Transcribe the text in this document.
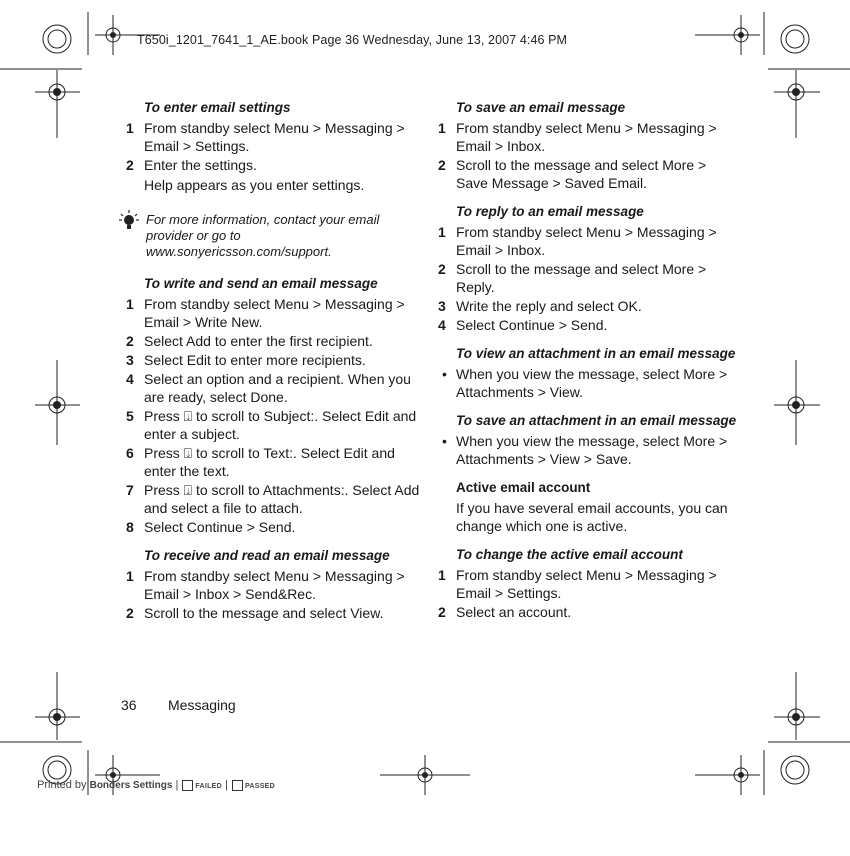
T650i_1201_7641_1_AE.book Page 36 Wednesday, June 13, 2007 4:46 PM
To enter email settings
1 From standby select Menu > Messaging > Email > Settings.
2 Enter the settings.
Help appears as you enter settings.
For more information, contact your email provider or go to www.sonyericsson.com/support.
To write and send an email message
1 From standby select Menu > Messaging > Email > Write New.
2 Select Add to enter the first recipient.
3 Select Edit to enter more recipients.
4 Select an option and a recipient. When you are ready, select Done.
5 Press ⍗ to scroll to Subject:. Select Edit and enter a subject.
6 Press ⍗ to scroll to Text:. Select Edit and enter the text.
7 Press ⍗ to scroll to Attachments:. Select Add and select a file to attach.
8 Select Continue > Send.
To receive and read an email message
1 From standby select Menu > Messaging > Email > Inbox > Send&Rec.
2 Scroll to the message and select View.
To save an email message
1 From standby select Menu > Messaging > Email > Inbox.
2 Scroll to the message and select More > Save Message > Saved Email.
To reply to an email message
1 From standby select Menu > Messaging > Email > Inbox.
2 Scroll to the message and select More > Reply.
3 Write the reply and select OK.
4 Select Continue > Send.
To view an attachment in an email message
• When you view the message, select More > Attachments > View.
To save an attachment in an email message
• When you view the message, select More > Attachments > View > Save.
Active email account
If you have several email accounts, you can change which one is active.
To change the active email account
1 From standby select Menu > Messaging > Email > Settings.
2 Select an account.
36 Messaging
Printed by Bonders Settings | FAILED | PASSED
